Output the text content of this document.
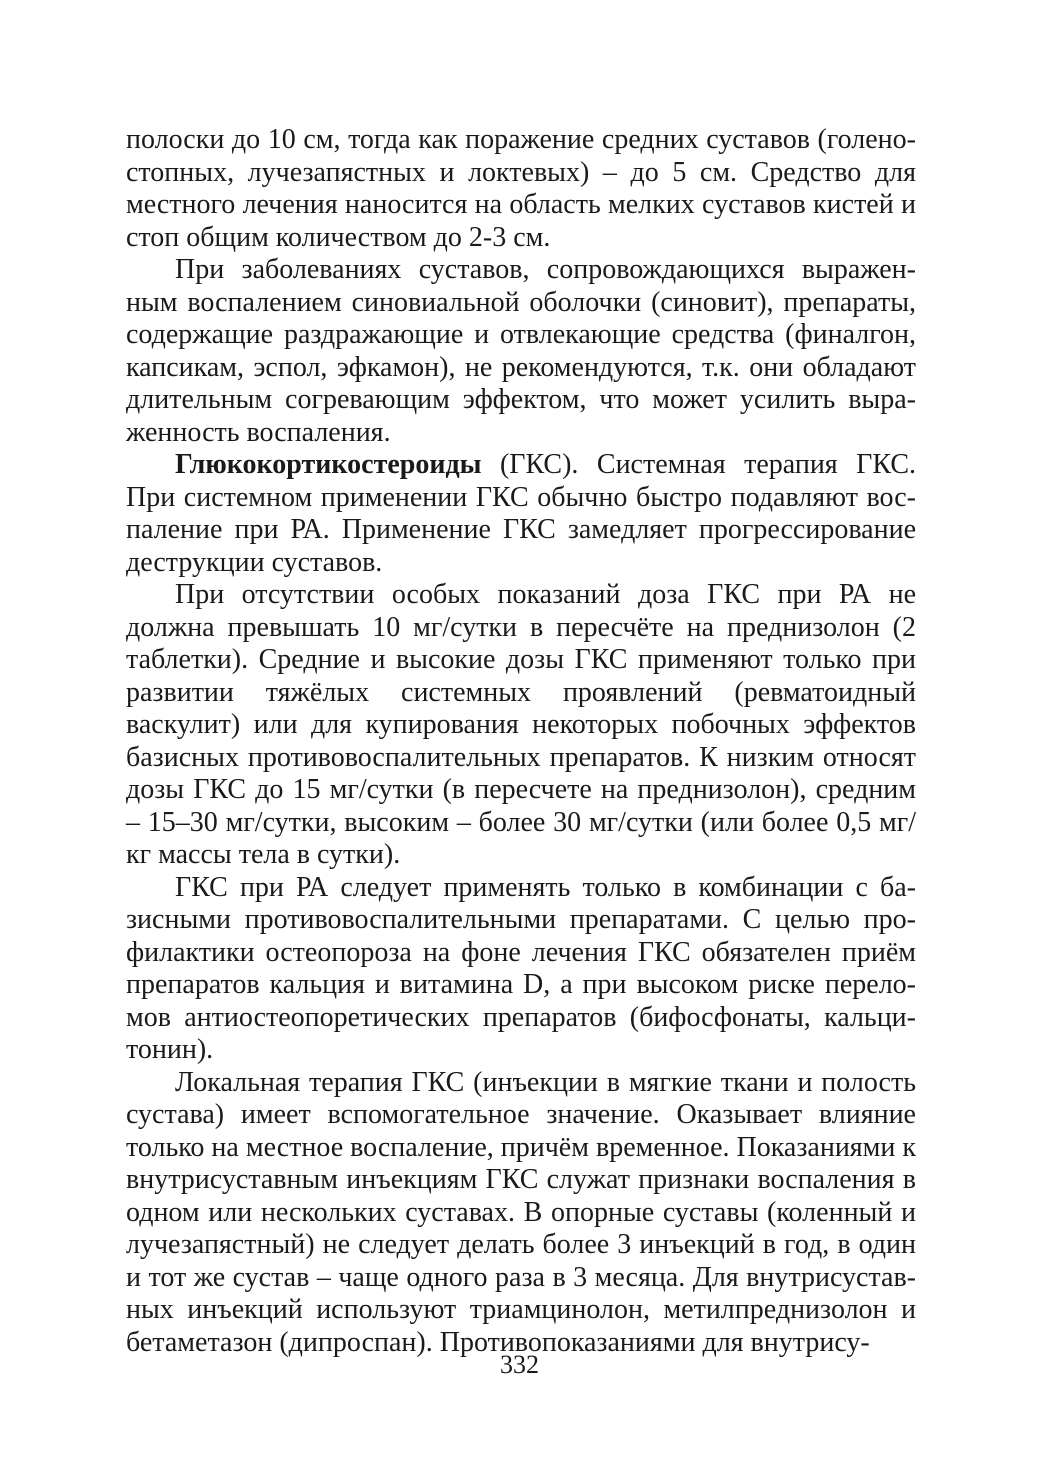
полоски до 10 см, тогда как поражение средних суставов (голеностопных, лучезапястных и локтевых) – до 5 см. Средство для местного лечения наносится на область мелких суставов кистей и стоп общим количеством до 2-3 см.

При заболеваниях суставов, сопровождающихся выраженным воспалением синовиальной оболочки (синовит), препараты, содержащие раздражающие и отвлекающие средства (финалгон, капсикам, эспол, эфкамон), не рекомендуются, т.к. они обладают длительным согревающим эффектом, что может усилить выраженность воспаления.

Глюкокортикостероиды (ГКС). Системная терапия ГКС. При системном применении ГКС обычно быстро подавляют воспаление при РА. Применение ГКС замедляет прогрессирование деструкции суставов.

При отсутствии особых показаний доза ГКС при РА не должна превышать 10 мг/сутки в пересчёте на преднизолон (2 таблетки). Средние и высокие дозы ГКС применяют только при развитии тяжёлых системных проявлений (ревматоидный васкулит) или для купирования некоторых побочных эффектов базисных противовоспалительных препаратов. К низким относят дозы ГКС до 15 мг/сутки (в пересчете на преднизолон), средним – 15–30 мг/сутки, высоким – более 30 мг/сутки (или более 0,5 мг/кг массы тела в сутки).

ГКС при РА следует применять только в комбинации с базисными противовоспалительными препаратами. С целью профилактики остеопороза на фоне лечения ГКС обязателен приём препаратов кальция и витамина D, а при высоком риске переломов антиостеопоретических препаратов (бифосфонаты, кальцитонин).

Локальная терапия ГКС (инъекции в мягкие ткани и полость сустава) имеет вспомогательное значение. Оказывает влияние только на местное воспаление, причём временное. Показаниями к внутрисуставным инъекциям ГКС служат признаки воспаления в одном или нескольких суставах. В опорные суставы (коленный и лучезапястный) не следует делать более 3 инъекций в год, в один и тот же сустав – чаще одного раза в 3 месяца. Для внутрисуставных инъекций используют триамцинолон, метилпреднизолон и бетаметазон (дипроспан). Противопоказаниями для внутрису-

332
